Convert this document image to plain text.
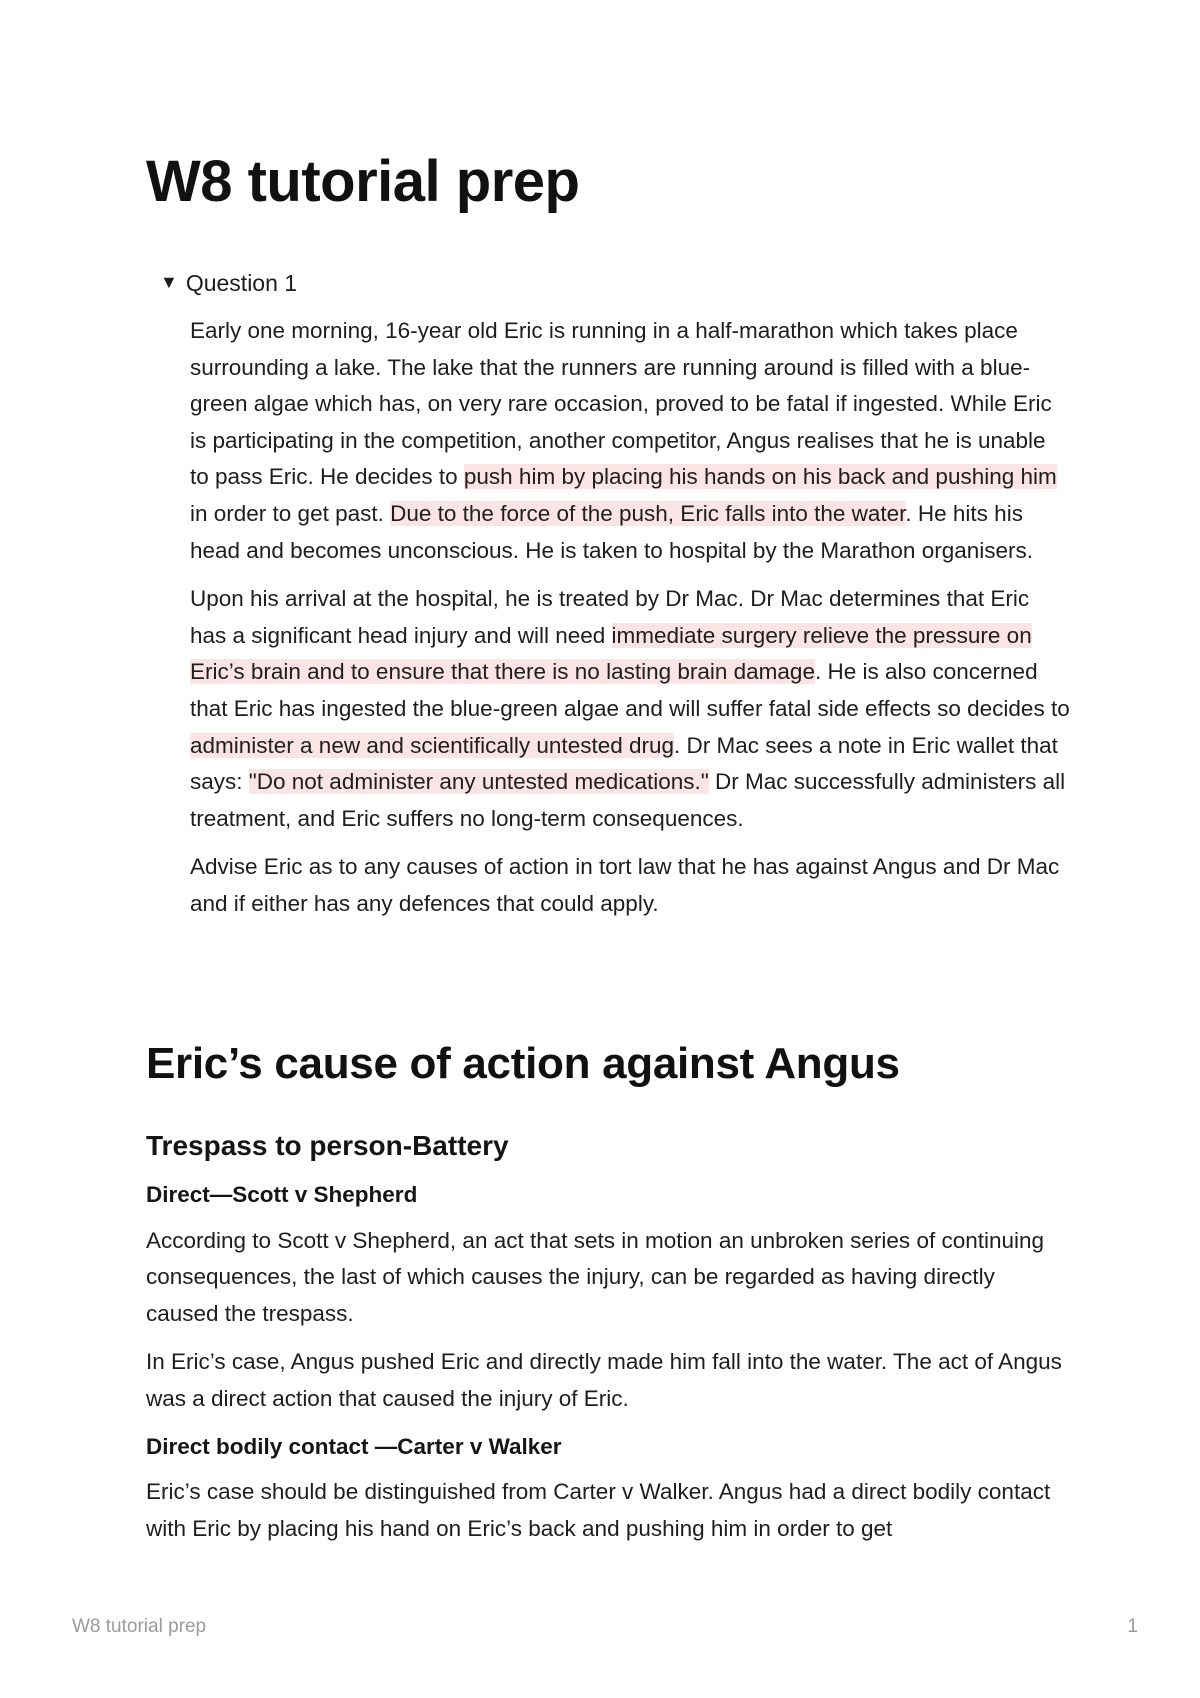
W8 tutorial prep
▼ Question 1

Early one morning, 16-year old Eric is running in a half-marathon which takes place surrounding a lake. The lake that the runners are running around is filled with a blue-green algae which has, on very rare occasion, proved to be fatal if ingested. While Eric is participating in the competition, another competitor, Angus realises that he is unable to pass Eric. He decides to push him by placing his hands on his back and pushing him in order to get past. Due to the force of the push, Eric falls into the water. He hits his head and becomes unconscious. He is taken to hospital by the Marathon organisers.

Upon his arrival at the hospital, he is treated by Dr Mac. Dr Mac determines that Eric has a significant head injury and will need immediate surgery relieve the pressure on Eric’s brain and to ensure that there is no lasting brain damage. He is also concerned that Eric has ingested the blue-green algae and will suffer fatal side effects so decides to administer a new and scientifically untested drug. Dr Mac sees a note in Eric wallet that says: "Do not administer any untested medications." Dr Mac successfully administers all treatment, and Eric suffers no long-term consequences.

Advise Eric as to any causes of action in tort law that he has against Angus and Dr Mac and if either has any defences that could apply.

Eric’s cause of action against Angus
Trespass to person-Battery

Direct—Scott v Shepherd

According to Scott v Shepherd, an act that sets in motion an unbroken series of continuing consequences, the last of which causes the injury, can be regarded as having directly caused the trespass.

In Eric’s case, Angus pushed Eric and directly made him fall into the water. The act of Angus was a direct action that caused the injury of Eric.

Direct bodily contact —Carter v Walker

Eric’s case should be distinguished from Carter v Walker. Angus had a direct bodily contact with Eric by placing his hand on Eric’s back and pushing him in order to get

W8 tutorial prep	1
